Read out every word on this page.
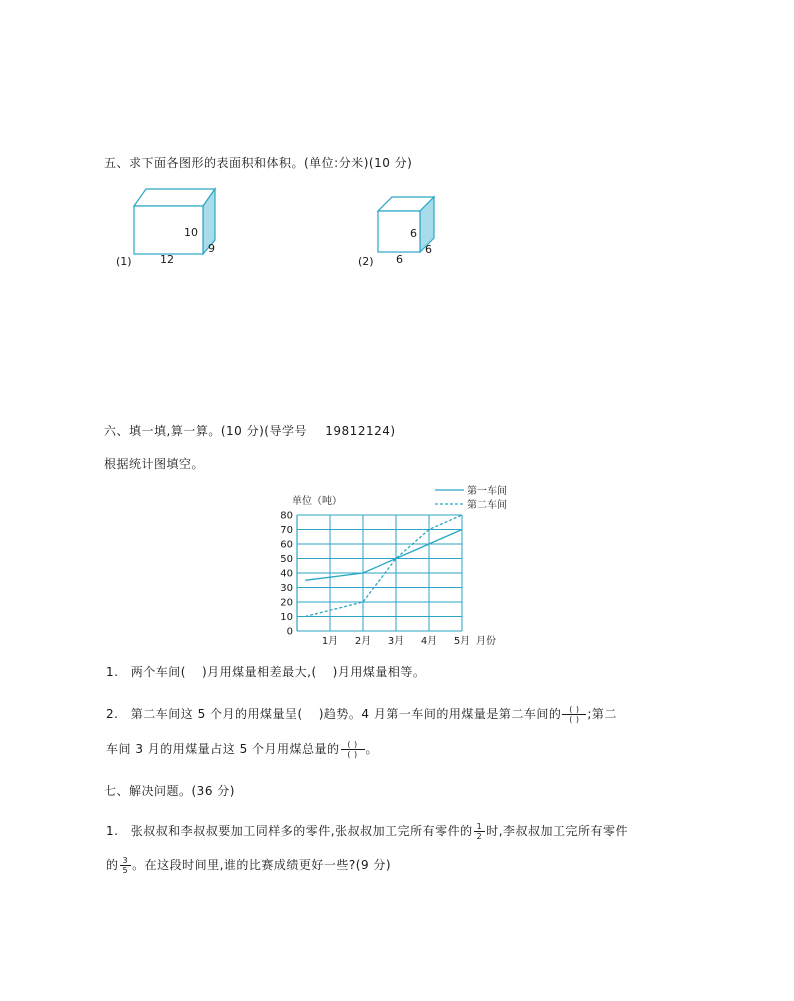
五、求下面各图形的表面积和体积。(单位:分米)(10 分)
10
9
12
(1)
6
6
6
(2)
六、填一填,算一算。(10 分)(导学号 19812124)
根据统计图填空。
单位（吨）
80
70
60
50
40
30
20
10
0
1月 2月 3月 4月 5月 月份
第一车间
第二车间
1. 两个车间( )月用煤量相差最大,( )月用煤量相等。
2. 第二车间这 5 个月的用煤量呈( )趋势。4 月第一车间的用煤量是第二车间的 $\frac{( )}{( )}$ ;第二
车间 3 月的用煤量占这 5 个月用煤总量的 $\frac{( )}{( )}$ 。
七、解决问题。(36 分)
1. 张叔叔和李叔叔要加工同样多的零件,张叔叔加工完所有零件的 $\frac{1}{2}$ 时,李叔叔加工完所有零件
的 $\frac{3}{5}$ 。在这段时间里,谁的比赛成绩更好一些?(9 分)
